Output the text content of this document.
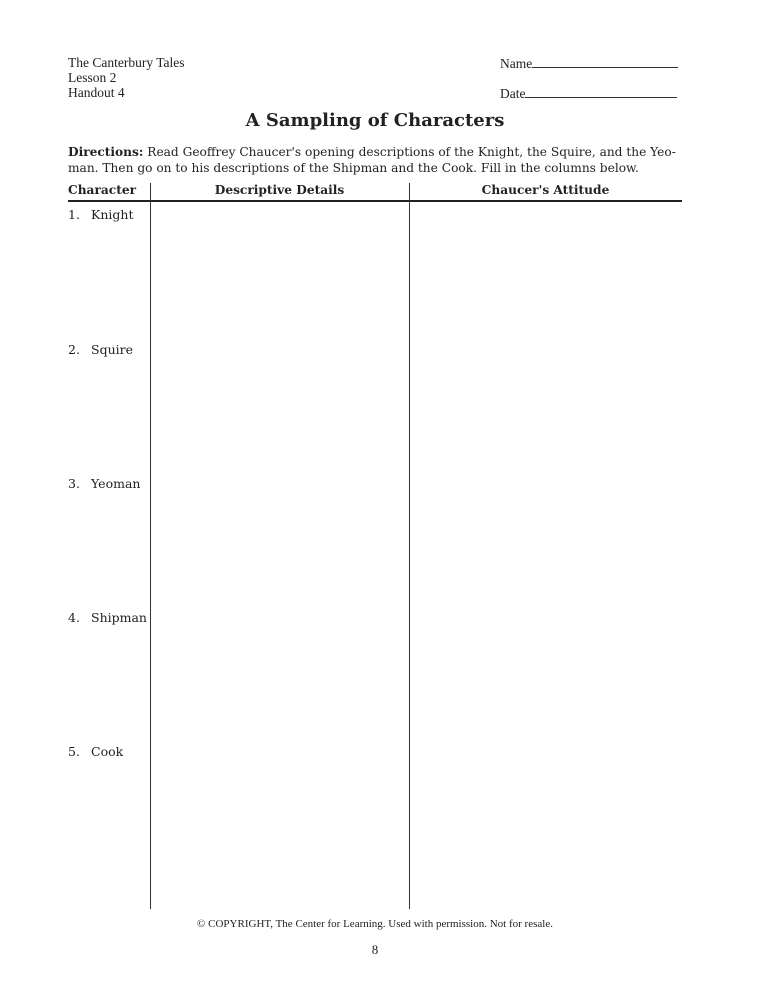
The Canterbury Tales
Lesson 2
Handout 4
Name
Date
A Sampling of Characters
Directions: Read Geoffrey Chaucer's opening descriptions of the Knight, the Squire, and the Yeo-man. Then go on to his descriptions of the Shipman and the Cook. Fill in the columns below.
Character	Descriptive Details	Chaucer's Attitude
1. Knight
2. Squire
3. Yeoman
4. Shipman
5. Cook
© COPYRIGHT, The Center for Learning. Used with permission. Not for resale.
8
